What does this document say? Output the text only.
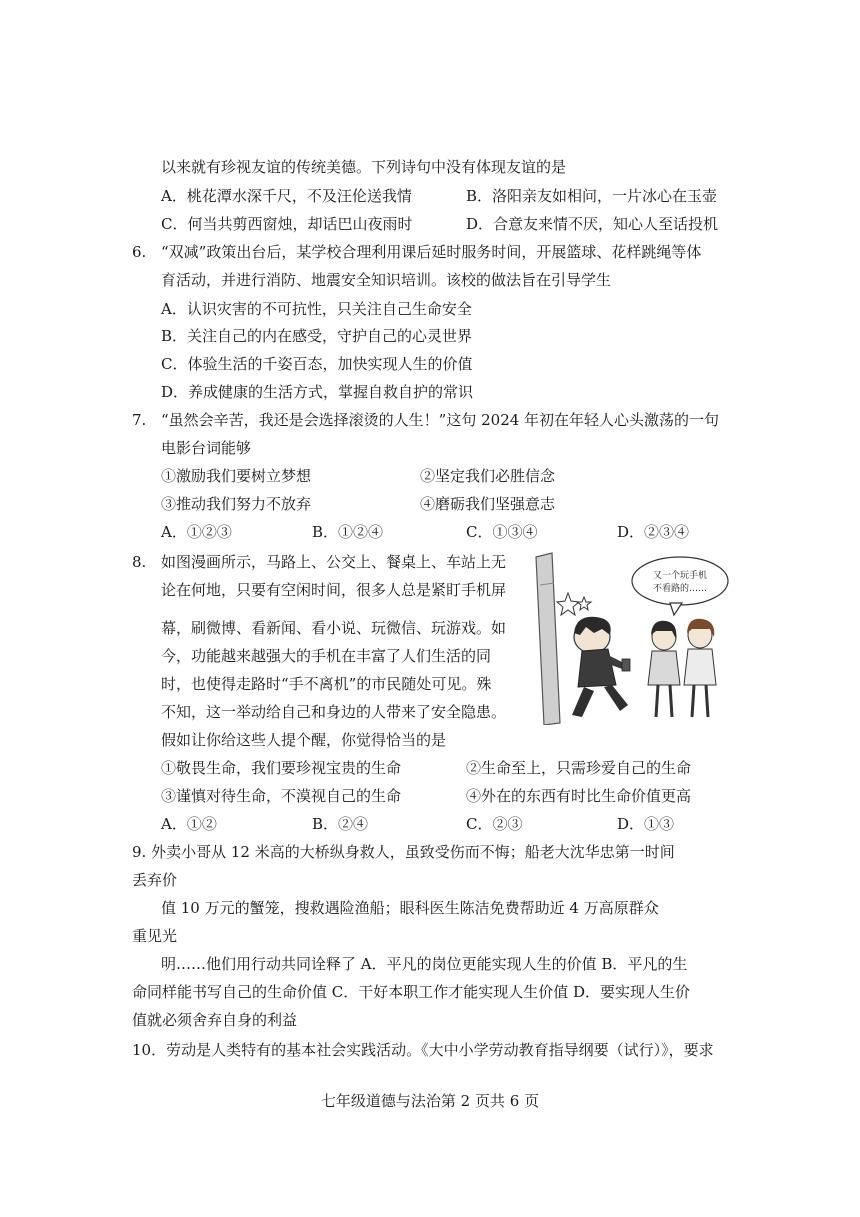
以来就有珍视友谊的传统美德。下列诗句中没有体现友谊的是
A．桃花潭水深千尺，不及汪伦送我情	B．洛阳亲友如相问，一片冰心在玉壶
C．何当共剪西窗烛，却话巴山夜雨时	D．合意友来情不厌，知心人至话投机
6. “双减”政策出台后，某学校合理利用课后延时服务时间，开展篮球、花样跳绳等体
育活动，并进行消防、地震安全知识培训。该校的做法旨在引导学生
A．认识灾害的不可抗性，只关注自己生命安全
B．关注自己的内在感受，守护自己的心灵世界
C．体验生活的千姿百态，加快实现人生的价值
D．养成健康的生活方式，掌握自救自护的常识
7. “虽然会辛苦，我还是会选择滚烫的人生！”这句 2024 年初在年轻人心头激荡的一句
电影台词能够
①激励我们要树立梦想	②坚定我们必胜信念
③推动我们努力不放弃	④磨砺我们坚强意志
A．①②③	B．①②④	C．①③④	D．②③④
8. 如图漫画所示，马路上、公交上、餐桌上、车站上无
论在何地，只要有空闲时间，很多人总是紧盯手机屏
幕，刷微博、看新闻、看小说、玩微信、玩游戏。如
今，功能越来越强大的手机在丰富了人们生活的同
时，也使得走路时“手不离机”的市民随处可见。殊
不知，这一举动给自己和身边的人带来了安全隐患。
假如让你给这些人提个醒，你觉得恰当的是
又一个玩手机
不看路的……
①敬畏生命，我们要珍视宝贵的生命	②生命至上，只需珍爱自己的生命
③谨慎对待生命，不漠视自己的生命	④外在的东西有时比生命价值更高
A．①②	B．②④	C．②③	D．①③
9. 外卖小哥从 12 米高的大桥纵身救人，虽致受伤而不悔；船老大沈华忠第一时间
丢弃价
值 10 万元的蟹笼，搜救遇险渔船；眼科医生陈洁免费帮助近 4 万高原群众
重见光
明……他们用行动共同诠释了 A．平凡的岗位更能实现人生的价值 B．平凡的生
命同样能书写自己的生命价值 C．干好本职工作才能实现人生价值 D．要实现人生价
值就必须舍弃自身的利益
10．劳动是人类特有的基本社会实践活动。《大中小学劳动教育指导纲要（试行）》，要求
七年级道德与法治第 2 页共 6 页
